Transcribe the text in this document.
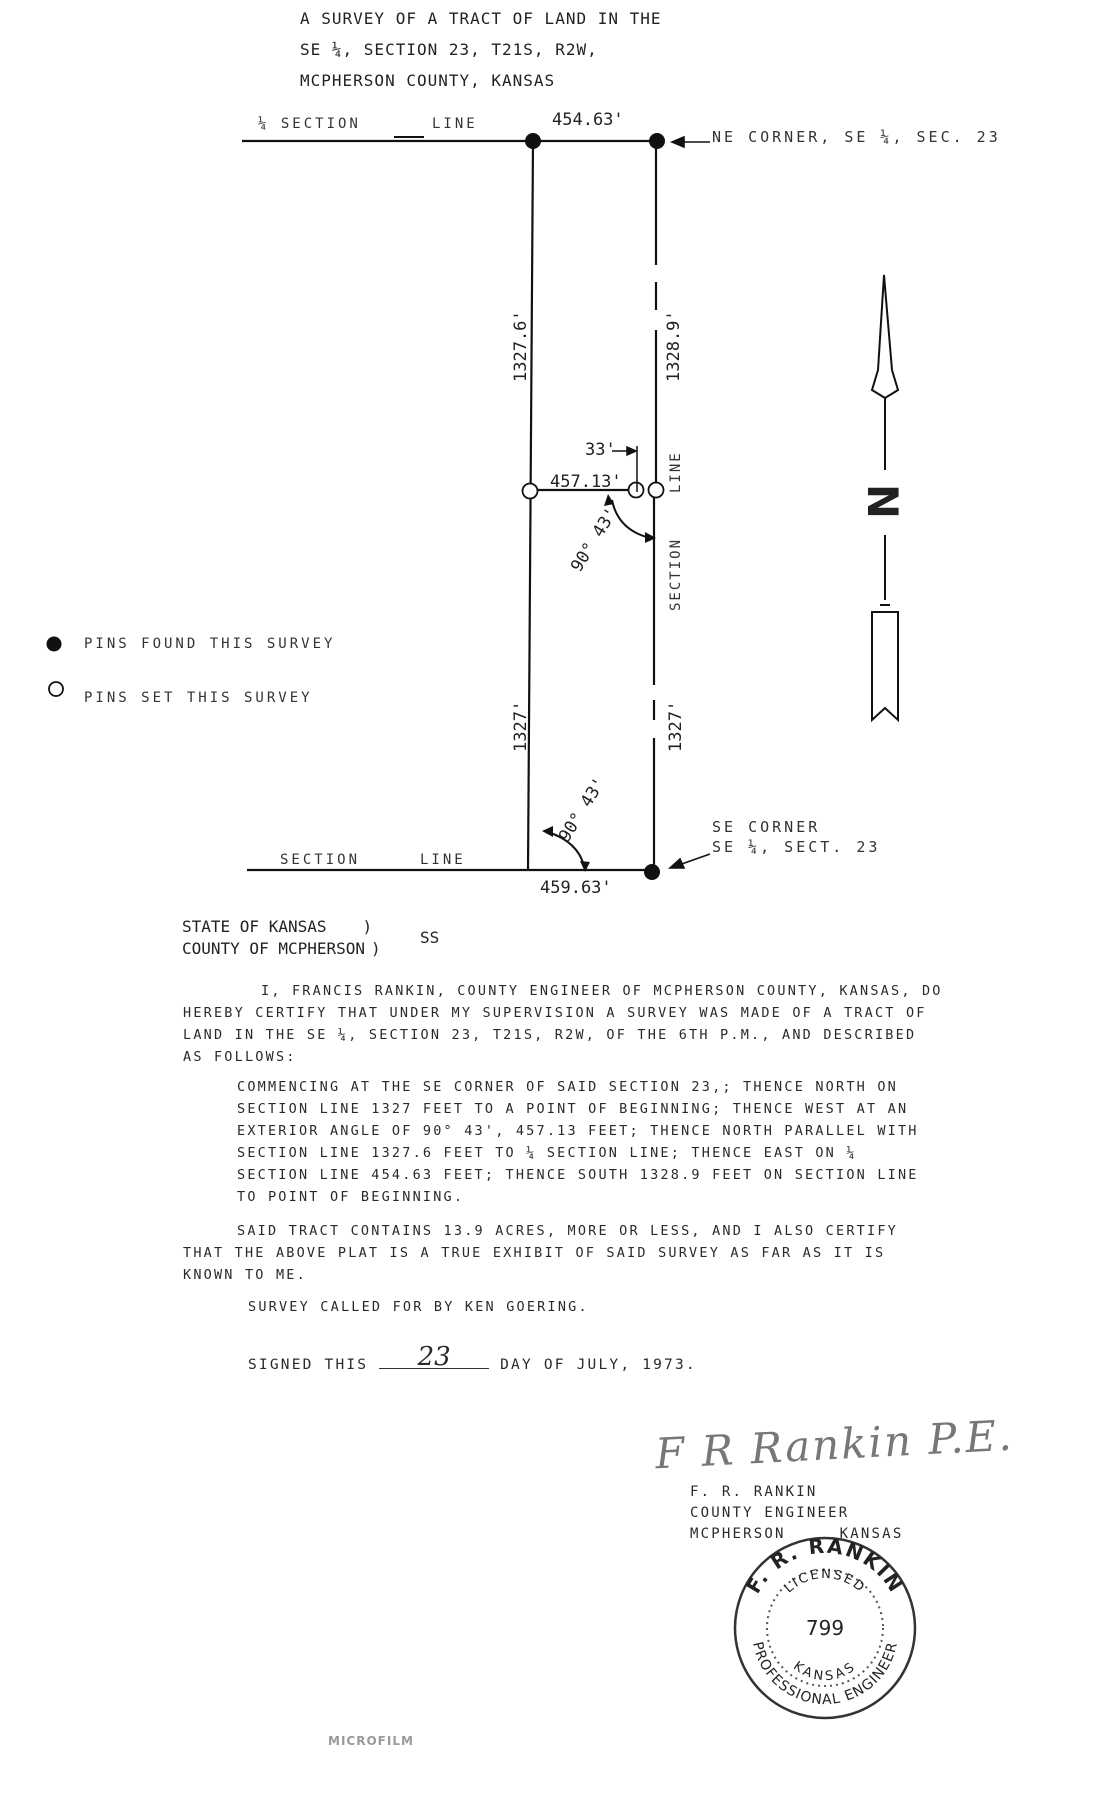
A SURVEY OF A TRACT OF LAND IN THE
SE ¼, SECTION 23, T21S, R2W,
MCPHERSON COUNTY, KANSAS
¼ SECTION	LINE	454.63'
NE CORNER, SE ¼, SEC. 23
1327.6'	1328.9'
33'
457.13'
90° 43'
LINE
SECTION
1327'	1327'
90° 43'	SE CORNER
SE ¼, SECT. 23
SECTION	LINE
459.63'
N
PINS FOUND THIS SURVEY
PINS SET THIS SURVEY
STATE OF KANSAS )
COUNTY OF MCPHERSON )
SS
I, FRANCIS RANKIN, COUNTY ENGINEER OF MCPHERSON COUNTY, KANSAS, DO
HEREBY CERTIFY THAT UNDER MY SUPERVISION A SURVEY WAS MADE OF A TRACT OF
LAND IN THE SE ¼, SECTION 23, T21S, R2W, OF THE 6TH P.M., AND DESCRIBED
AS FOLLOWS:
COMMENCING AT THE SE CORNER OF SAID SECTION 23,; THENCE NORTH ON
SECTION LINE 1327 FEET TO A POINT OF BEGINNING; THENCE WEST AT AN
EXTERIOR ANGLE OF 90° 43', 457.13 FEET; THENCE NORTH PARALLEL WITH
SECTION LINE 1327.6 FEET TO ¼ SECTION LINE; THENCE EAST ON ¼
SECTION LINE 454.63 FEET; THENCE SOUTH 1328.9 FEET ON SECTION LINE
TO POINT OF BEGINNING.
SAID TRACT CONTAINS 13.9 ACRES, MORE OR LESS, AND I ALSO CERTIFY
THAT THE ABOVE PLAT IS A TRUE EXHIBIT OF SAID SURVEY AS FAR AS IT IS
KNOWN TO ME.
SURVEY CALLED FOR BY KEN GOERING.
SIGNED THIS 23	DAY OF JULY, 1973.
F R Rankin P.E.
F. R. RANKIN
COUNTY ENGINEER
MCPHERSON	KANSAS
F. R. RANKIN
PROFESSIONAL ENGINEER
LICENSED
KANSAS
799
MICROFILM
